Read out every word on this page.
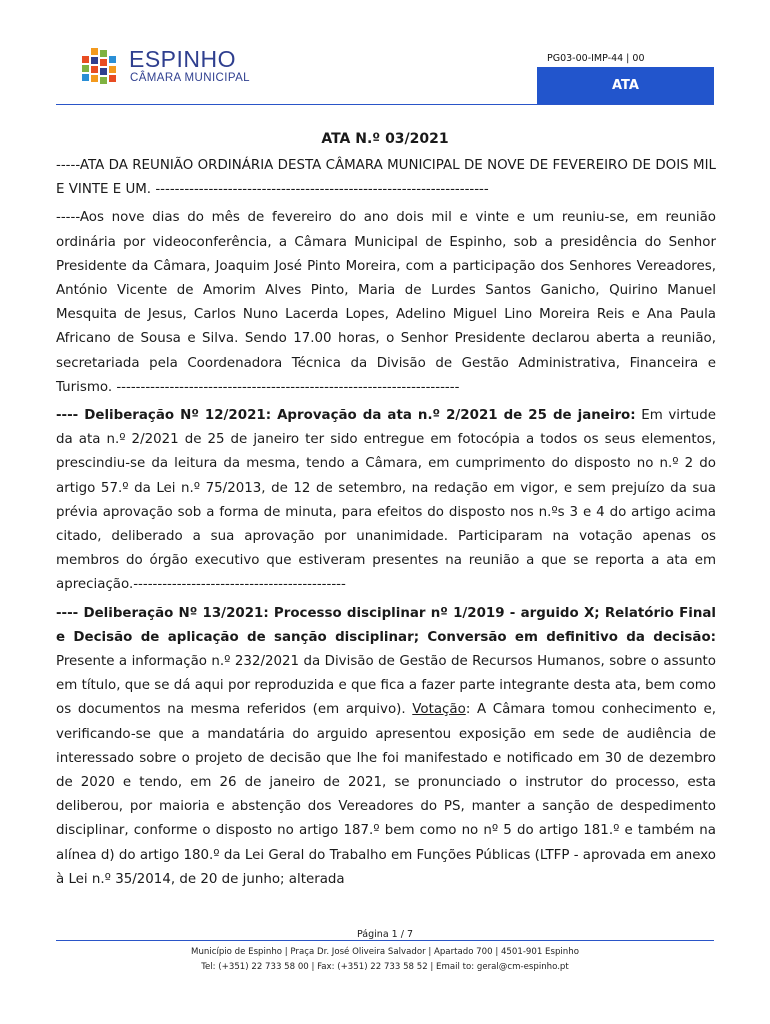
ESPINHO
CÂMARA MUNICIPAL
PG03-00-IMP-44 | 00
ATA
ATA N.º 03/2021

-----ATA DA REUNIÃO ORDINÁRIA DESTA CÂMARA MUNICIPAL DE NOVE DE FEVEREIRO DE DOIS MIL E VINTE E UM. ---------------------------------------------------------------------

-----Aos nove dias do mês de fevereiro do ano dois mil e vinte e um reuniu-se, em reunião ordinária por videoconferência, a Câmara Municipal de Espinho, sob a presidência do Senhor Presidente da Câmara, Joaquim José Pinto Moreira, com a participação dos Senhores Vereadores, António Vicente de Amorim Alves Pinto, Maria de Lurdes Santos Ganicho, Quirino Manuel Mesquita de Jesus, Carlos Nuno Lacerda Lopes, Adelino Miguel Lino Moreira Reis e Ana Paula Africano de Sousa e Silva. Sendo 17.00 horas, o Senhor Presidente declarou aberta a reunião, secretariada pela Coordenadora Técnica da Divisão de Gestão Administrativa, Financeira e Turismo. -----------------------------------------------------------------------

---- Deliberação Nº 12/2021: Aprovação da ata n.º 2/2021 de 25 de janeiro: Em virtude da ata n.º 2/2021 de 25 de janeiro ter sido entregue em fotocópia a todos os seus elementos, prescindiu-se da leitura da mesma, tendo a Câmara, em cumprimento do disposto no n.º 2 do artigo 57.º da Lei n.º 75/2013, de 12 de setembro, na redação em vigor, e sem prejuízo da sua prévia aprovação sob a forma de minuta, para efeitos do disposto nos n.ºs 3 e 4 do artigo acima citado, deliberado a sua aprovação por unanimidade. Participaram na votação apenas os membros do órgão executivo que estiveram presentes na reunião a que se reporta a ata em apreciação.--------------------------------------------

---- Deliberação Nº 13/2021: Processo disciplinar nº 1/2019 - arguido X; Relatório Final e Decisão de aplicação de sanção disciplinar; Conversão em definitivo da decisão: Presente a informação n.º 232/2021 da Divisão de Gestão de Recursos Humanos, sobre o assunto em título, que se dá aqui por reproduzida e que fica a fazer parte integrante desta ata, bem como os documentos na mesma referidos (em arquivo). Votação: A Câmara tomou conhecimento e, verificando-se que a mandatária do arguido apresentou exposição em sede de audiência de interessado sobre o projeto de decisão que lhe foi manifestado e notificado em 30 de dezembro de 2020 e tendo, em 26 de janeiro de 2021, se pronunciado o instrutor do processo, esta deliberou, por maioria e abstenção dos Vereadores do PS, manter a sanção de despedimento disciplinar, conforme o disposto no artigo 187.º bem como no nº 5 do artigo 181.º e também na alínea d) do artigo 180.º da Lei Geral do Trabalho em Funções Públicas (LTFP - aprovada em anexo à Lei n.º 35/2014, de 20 de junho; alterada

Página 1 / 7
Município de Espinho | Praça Dr. José Oliveira Salvador | Apartado 700 | 4501-901 Espinho
Tel: (+351) 22 733 58 00 | Fax: (+351) 22 733 58 52 | Email to: geral@cm-espinho.pt
